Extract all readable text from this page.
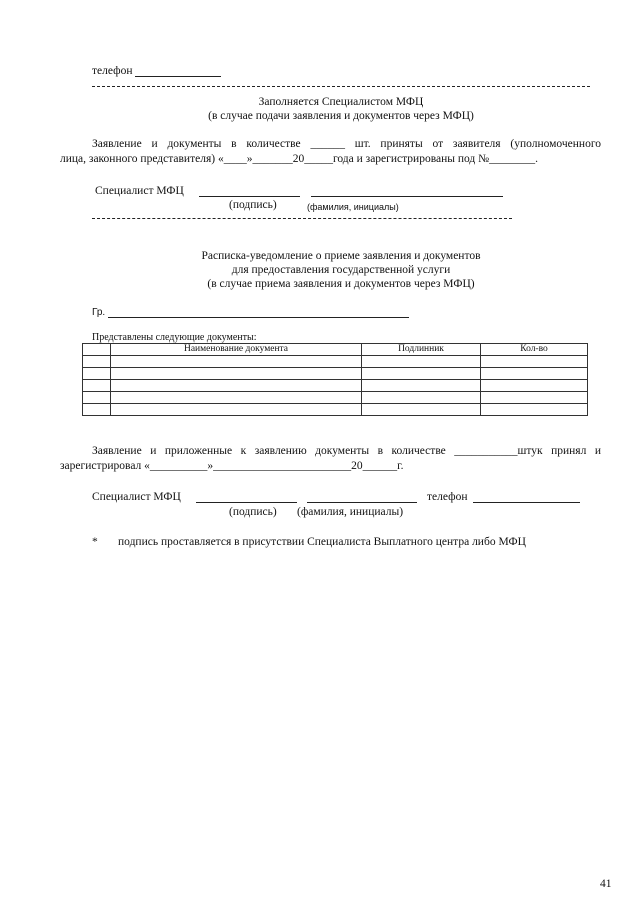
телефон
Заполняется Специалистом МФЦ
(в случае подачи заявления и документов через МФЦ)
Заявление и документы в количестве ______ шт. приняты от заявителя (уполномоченного
лица, законного представителя) «____»_______20_____года и зарегистрированы под №________.
Специалист МФЦ
(подпись)	(фамилия, инициалы)
Расписка-уведомление о приеме заявления и документов
для предоставления государственной услуги
(в случае приема заявления и документов через МФЦ)
Гр.
Представлены следующие документы:
	Наименование документа	Подлинник	Кол-во

Заявление и приложенные к заявлению документы в количестве ___________штук принял и
зарегистрировал «__________»________________________20______г.
Специалист МФЦ	телефон
(подпись) (фамилия, инициалы)
* подпись проставляется в присутствии Специалиста Выплатного центра либо МФЦ
41
